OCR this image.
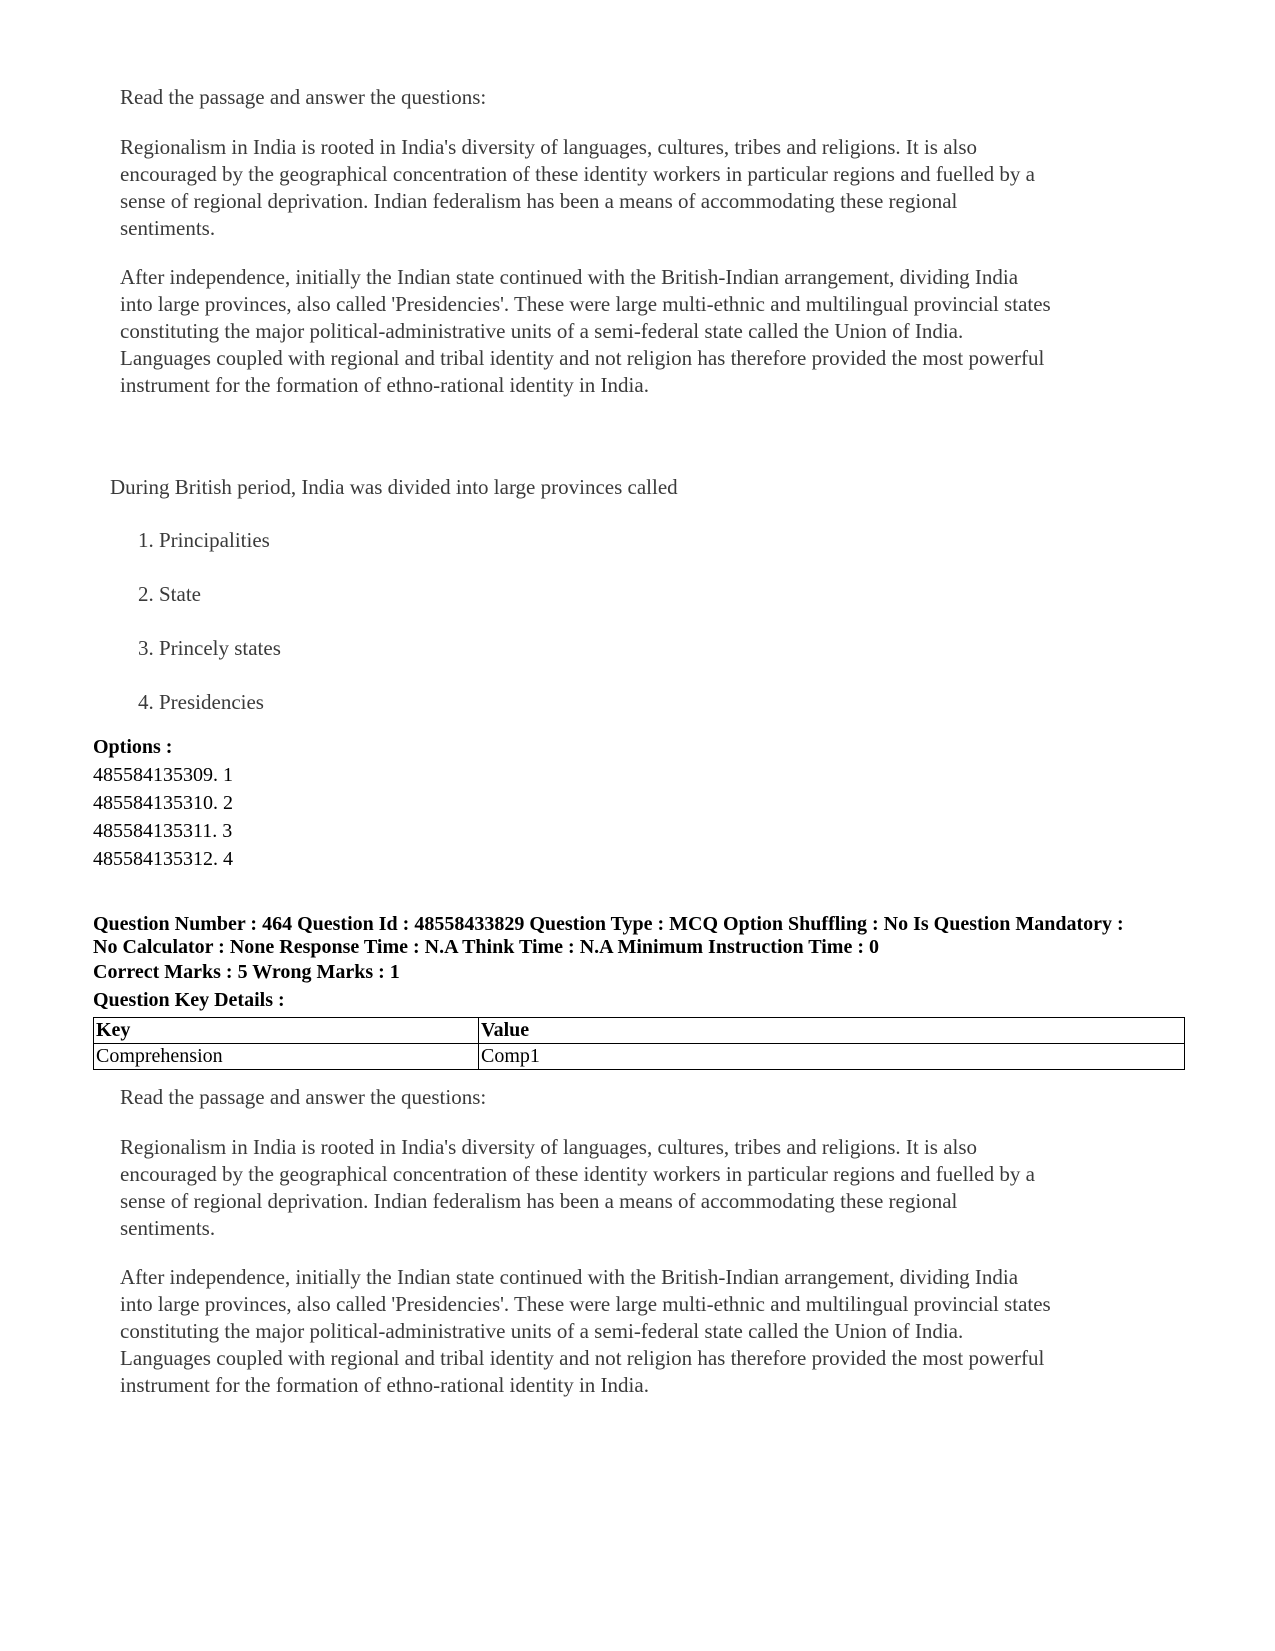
Read the passage and answer the questions:

Regionalism in India is rooted in India's diversity of languages, cultures, tribes and religions. It is also
encouraged by the geographical concentration of these identity workers in particular regions and fuelled by a
sense of regional deprivation. Indian federalism has been a means of accommodating these regional
sentiments.

After independence, initially the Indian state continued with the British-Indian arrangement, dividing India
into large provinces, also called 'Presidencies'. These were large multi-ethnic and multilingual provincial states
constituting the major political-administrative units of a semi-federal state called the Union of India.
Languages coupled with regional and tribal identity and not religion has therefore provided the most powerful
instrument for the formation of ethno-rational identity in India.

During British period, India was divided into large provinces called
1. Principalities
2. State
3. Princely states
4. Presidencies
Options :
485584135309. 1
485584135310. 2
485584135311. 3
485584135312. 4
Question Number : 464 Question Id : 48558433829 Question Type : MCQ Option Shuffling : No Is Question Mandatory :
No Calculator : None Response Time : N.A Think Time : N.A Minimum Instruction Time : 0
Correct Marks : 5 Wrong Marks : 1
Question Key Details :
Key	Value
Comprehension	Comp1

Read the passage and answer the questions:

Regionalism in India is rooted in India's diversity of languages, cultures, tribes and religions. It is also
encouraged by the geographical concentration of these identity workers in particular regions and fuelled by a
sense of regional deprivation. Indian federalism has been a means of accommodating these regional
sentiments.

After independence, initially the Indian state continued with the British-Indian arrangement, dividing India
into large provinces, also called 'Presidencies'. These were large multi-ethnic and multilingual provincial states
constituting the major political-administrative units of a semi-federal state called the Union of India.
Languages coupled with regional and tribal identity and not religion has therefore provided the most powerful
instrument for the formation of ethno-rational identity in India.
